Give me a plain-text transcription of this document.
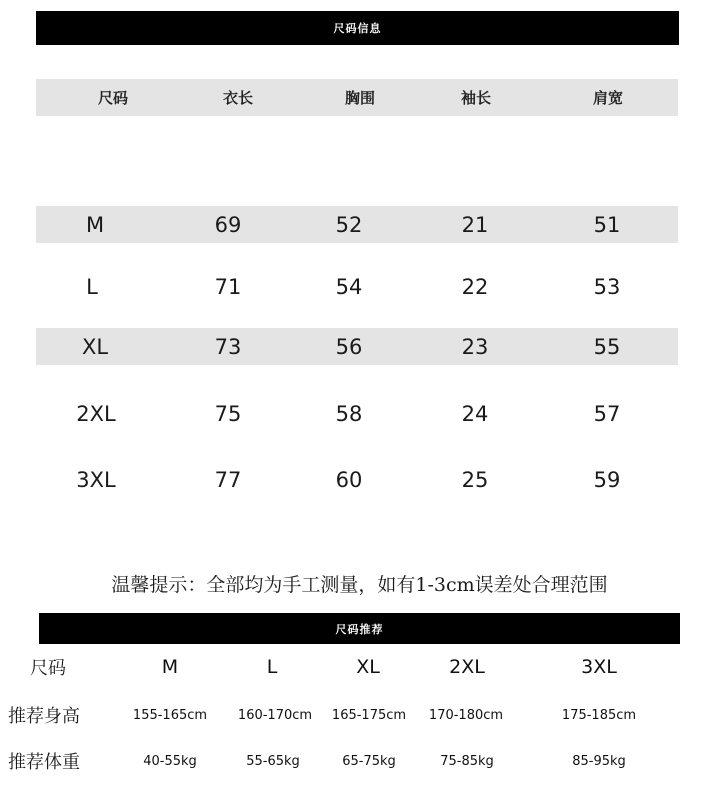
尺码信息
尺码	衣长	胸围	袖长	肩宽
M	69	52	21	51
L	71	54	22	53
XL	73	56	23	55
2XL	75	58	24	57
3XL	77	60	25	59
温馨提示：全部均为手工测量，如有1-3cm误差处合理范围
尺码推荐
尺码	M	L	XL	2XL	3XL
推荐身高	155-165cm	160-170cm	165-175cm	170-180cm	175-185cm
推荐体重	40-55kg	55-65kg	65-75kg	75-85kg	85-95kg
